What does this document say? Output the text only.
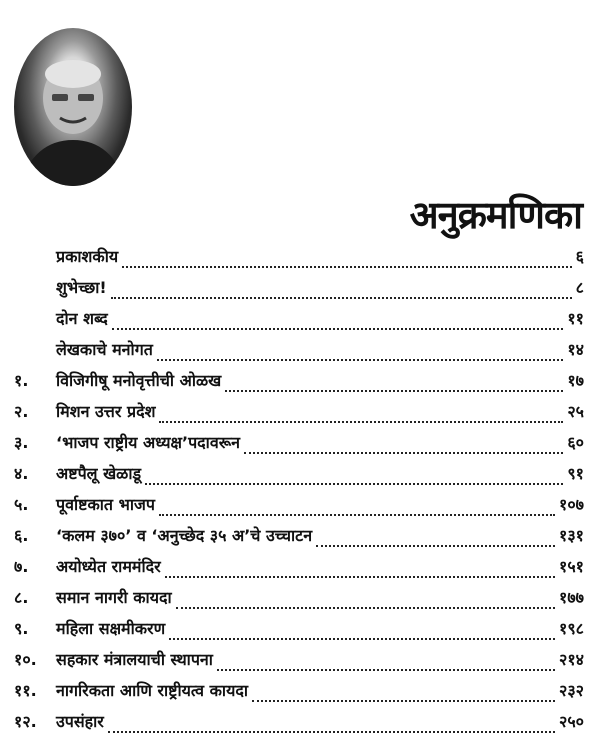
अनुक्रमणिका
प्रकाशकीय	६
शुभेच्छा!	८
दोन शब्द	११
लेखकाचे मनोगत	१४
१.	विजिगीषू मनोवृत्तीची ओळख	१७
२.	मिशन उत्तर प्रदेश	२५
३.	‘भाजप राष्ट्रीय अध्यक्ष’पदावरून	६०
४.	अष्टपैलू खेळाडू	९१
५.	पूर्वाष्टकात भाजप	१०७
६.	‘कलम ३७०’ व ‘अनुच्छेद ३५ अ’चे उच्चाटन	१३१
७.	अयोध्येत राममंदिर	१५१
८.	समान नागरी कायदा	१७७
९.	महिला सक्षमीकरण	१९८
१०.	सहकार मंत्रालयाची स्थापना	२१४
११.	नागरिकता आणि राष्ट्रीयत्व कायदा	२३२
१२.	उपसंहार	२५०
